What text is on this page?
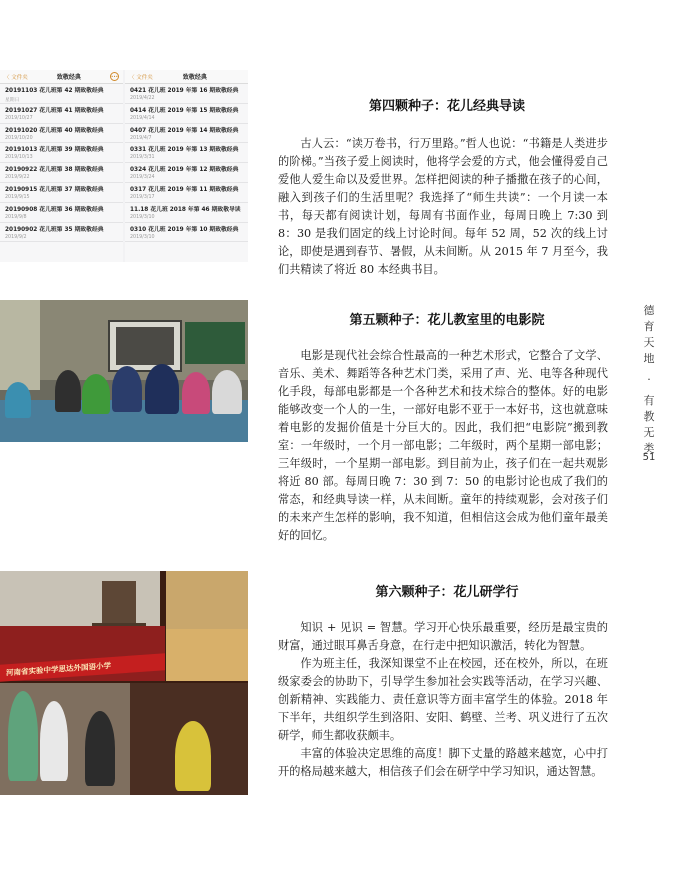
〈 文件夹	致敬经典	•••
20191103 花儿班第 42 期致敬经典
星期日
20191027 花儿班第 41 期致敬经典
2019/10/27
20191020 花儿班第 40 期致敬经典
2019/10/20
20191013 花儿班第 39 期致敬经典
2019/10/13
20190922 花儿班第 38 期致敬经典
2019/9/22
20190915 花儿班第 37 期致敬经典
2019/9/15
20190908 花儿班第 36 期致敬经典
2019/9/8
20190902 花儿班第 35 期致敬经典
2019/9/2
〈 文件夹	致敬经典
0421 花儿班 2019 年第 16 期致敬经典
2019/4/22
0414 花儿班 2019 年第 15 期致敬经典
2019/4/14
0407 花儿班 2019 年第 14 期致敬经典
2019/4/7
0331 花儿班 2019 年第 13 期致敬经典
2019/3/31
0324 花儿班 2019 年第 12 期致敬经典
2019/3/24
0317 花儿班 2019 年第 11 期致敬经典
2019/3/17
11.18 花儿班 2018 年第 46 期致敬导读
2019/3/10
0310 花儿班 2019 年第 10 期致敬经典
2019/3/10
河南省实验中学思达外国语小学
第四颗种子：花儿经典导读

古人云：“读万卷书，行万里路。”哲人也说：“书籍是人类进步的阶梯。”当孩子爱上阅读时，他将学会爱的方式，他会懂得爱自己爱他人爱生命以及爱世界。怎样把阅读的种子播撒在孩子的心间，融入到孩子们的生活里呢？我选择了“师生共读”：一个月读一本书，每天都有阅读计划，每周有书面作业，每周日晚上 7:30 到 8：30 是我们固定的线上讨论时间。每年 52 周，52 次的线上讨论，即使是遇到春节、暑假，从未间断。从 2015 年 7 月至今，我们共精读了将近 80 本经典书目。

第五颗种子：花儿教室里的电影院

电影是现代社会综合性最高的一种艺术形式，它整合了文学、音乐、美术、舞蹈等各种艺术门类，采用了声、光、电等各种现代化手段，每部电影都是一个各种艺术和技术综合的整体。好的电影能够改变一个人的一生，一部好电影不亚于一本好书，这也就意味着电影的发掘价值是十分巨大的。因此，我们把“电影院”搬到教室：一年级时，一个月一部电影；二年级时，两个星期一部电影；三年级时，一个星期一部电影。到目前为止，孩子们在一起共观影将近 80 部。每周日晚 7：30 到 7：50 的电影讨论也成了我们的常态，和经典导读一样，从未间断。童年的持续观影，会对孩子们的未来产生怎样的影响，我不知道，但相信这会成为他们童年最美好的回忆。

第六颗种子：花儿研学行

知识 + 见识 = 智慧。学习开心快乐最重要，经历是最宝贵的财富，通过眼耳鼻舌身意，在行走中把知识激活，转化为智慧。

作为班主任，我深知课堂不止在校园，还在校外，所以，在班级家委会的协助下，引导学生参加社会实践等活动，在学习兴趣、创新精神、实践能力、责任意识等方面丰富学生的体验。2018 年下半年，共组织学生到洛阳、安阳、鹤壁、兰考、巩义进行了五次研学，师生都收获颇丰。

丰富的体验决定思维的高度！脚下丈量的路越来越宽，心中打开的格局越来越大，相信孩子们会在研学中学习知识，通达智慧。

德育天地
·
有教无类
51
